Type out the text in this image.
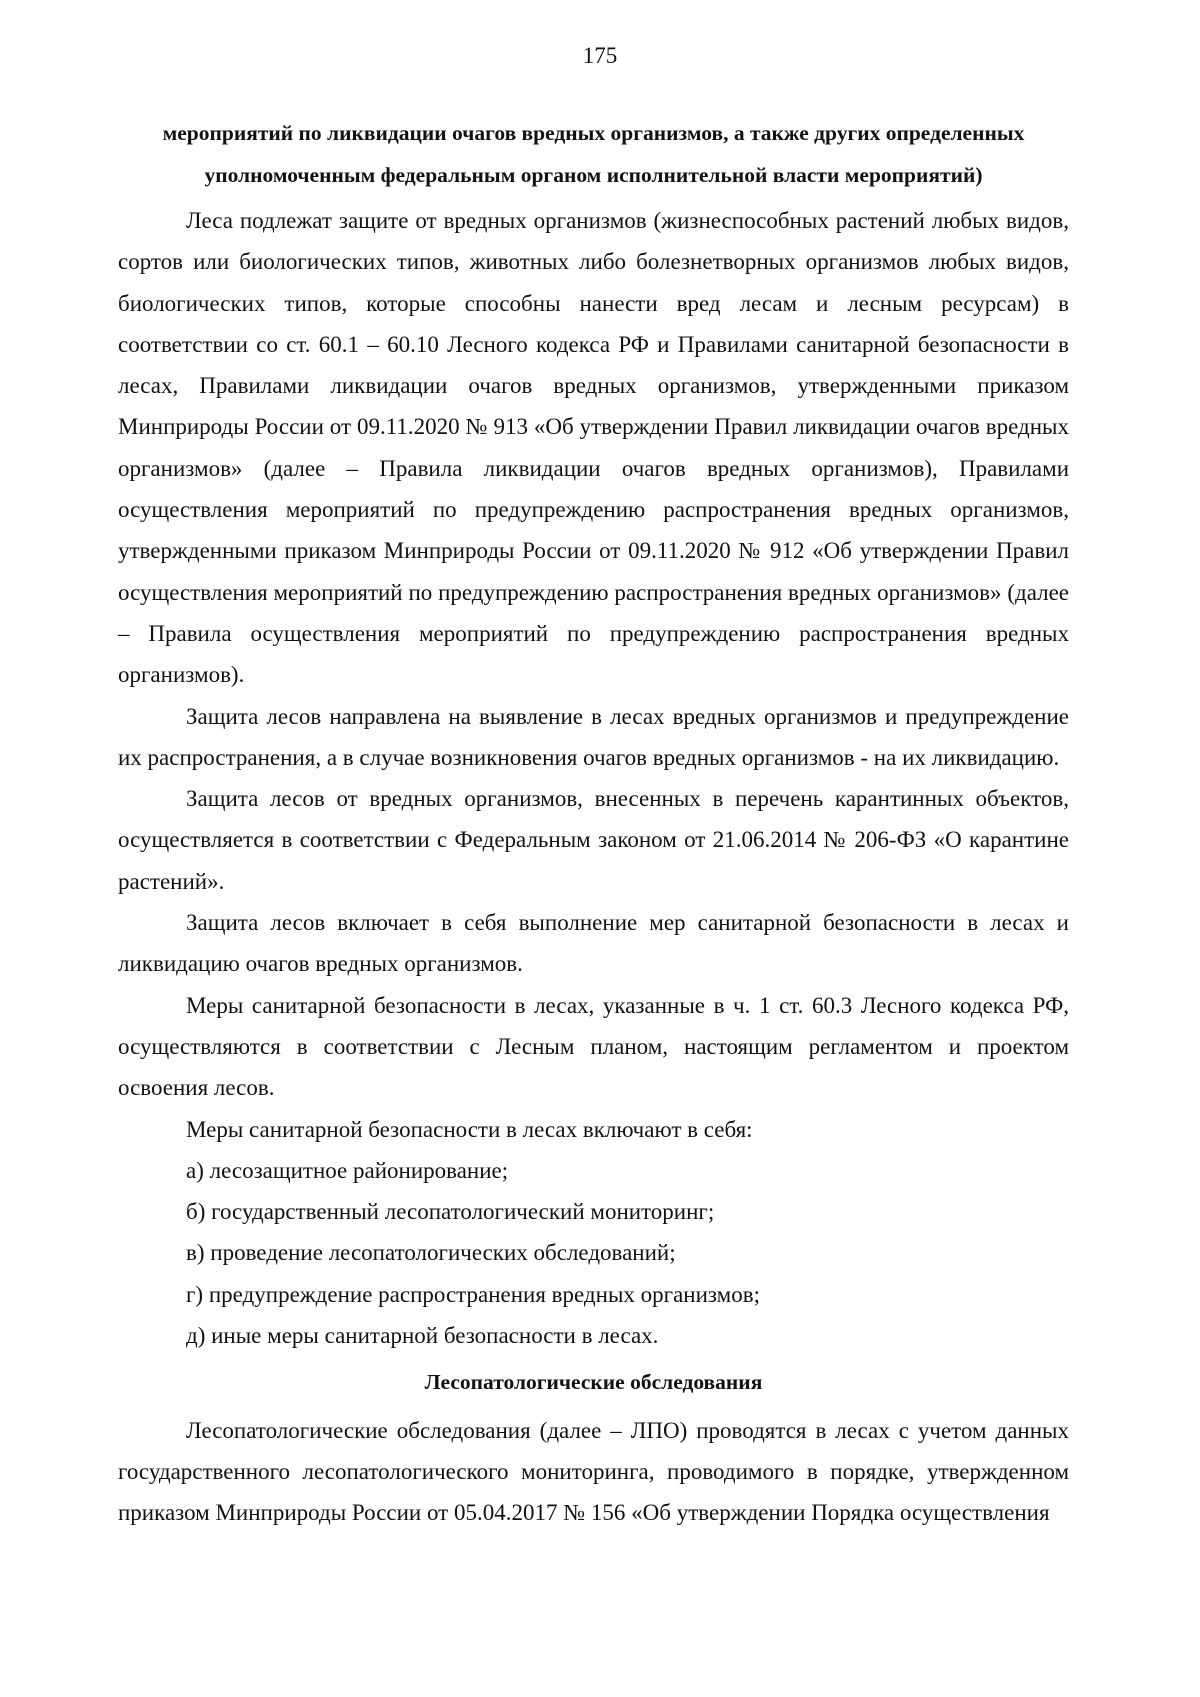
175

мероприятий по ликвидации очагов вредных организмов, а также других определенных уполномоченным федеральным органом исполнительной власти мероприятий)

Леса подлежат защите от вредных организмов (жизнеспособных растений любых видов, сортов или биологических типов, животных либо болезнетворных организмов любых видов, биологических типов, которые способны нанести вред лесам и лесным ресурсам) в соответствии со ст. 60.1 – 60.10 Лесного кодекса РФ и Правилами санитарной безопасности в лесах, Правилами ликвидации очагов вредных организмов, утвержденными приказом Минприроды России от 09.11.2020 № 913 «Об утверждении Правил ликвидации очагов вредных организмов» (далее – Правила ликвидации очагов вредных организмов), Правилами осуществления мероприятий по предупреждению распространения вредных организмов, утвержденными приказом Минприроды России от 09.11.2020 № 912 «Об утверждении Правил осуществления мероприятий по предупреждению распространения вредных организмов» (далее – Правила осуществления мероприятий по предупреждению распространения вредных организмов).

Защита лесов направлена на выявление в лесах вредных организмов и предупреждение их распространения, а в случае возникновения очагов вредных организмов - на их ликвидацию.

Защита лесов от вредных организмов, внесенных в перечень карантинных объектов, осуществляется в соответствии с Федеральным законом от 21.06.2014 № 206-ФЗ «О карантине растений».

Защита лесов включает в себя выполнение мер санитарной безопасности в лесах и ликвидацию очагов вредных организмов.

Меры санитарной безопасности в лесах, указанные в ч. 1 ст. 60.3 Лесного кодекса РФ, осуществляются в соответствии с Лесным планом, настоящим регламентом и проектом освоения лесов.

Меры санитарной безопасности в лесах включают в себя:

а) лесозащитное районирование;

б) государственный лесопатологический мониторинг;

в) проведение лесопатологических обследований;

г) предупреждение распространения вредных организмов;

д) иные меры санитарной безопасности в лесах.

Лесопатологические обследования

Лесопатологические обследования (далее – ЛПО) проводятся в лесах с учетом данных государственного лесопатологического мониторинга, проводимого в порядке, утвержденном приказом Минприроды России от 05.04.2017 № 156 «Об утверждении Порядка осуществления
